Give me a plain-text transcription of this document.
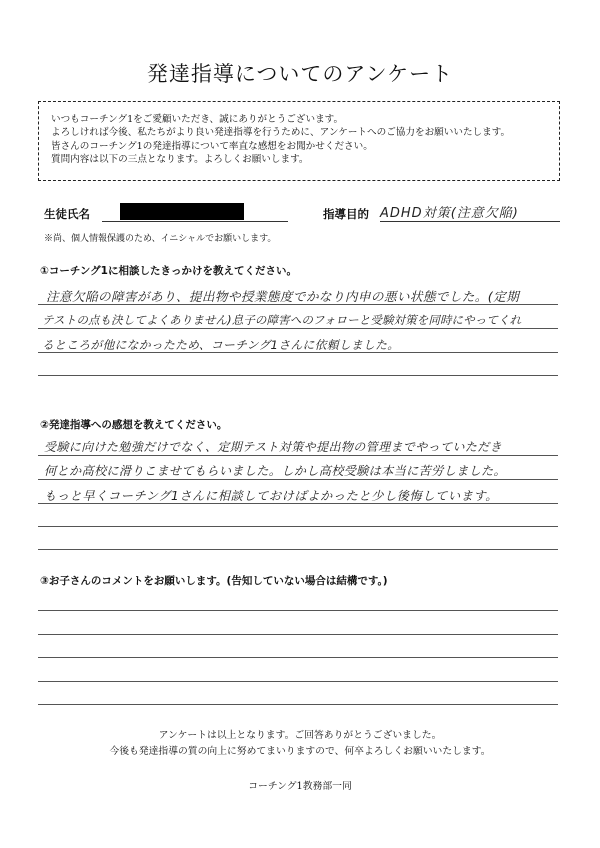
発達指導についてのアンケート
いつもコーチング1をご愛顧いただき、誠にありがとうございます。
よろしければ今後、私たちがより良い発達指導を行うために、アンケートへのご協力をお願いいたします。
皆さんのコーチング1の発達指導について率直な感想をお聞かせください。
質問内容は以下の三点となります。よろしくお願いします。
生徒氏名	指導目的 ADHD対策(注意欠陥)
※尚、個人情報保護のため、イニシャルでお願いします。
①コーチング1に相談したきっかけを教えてください。
注意欠陥の障害があり、提出物や授業態度でかなり内申の悪い状態でした。(定期
テストの点も決してよくありません)息子の障害へのフォローと受験対策を同時にやってくれ
るところが他になかったため、コーチング1さんに依頼しました。
②発達指導への感想を教えてください。
受験に向けた勉強だけでなく、定期テスト対策や提出物の管理までやっていただき
何とか高校に滑りこませてもらいました。しかし高校受験は本当に苦労しました。
もっと早くコーチング1さんに相談しておけばよかったと少し後悔しています。
③お子さんのコメントをお願いします。(告知していない場合は結構です。)
アンケートは以上となります。ご回答ありがとうございました。
今後も発達指導の質の向上に努めてまいりますので、何卒よろしくお願いいたします。
コーチング1教務部一同
